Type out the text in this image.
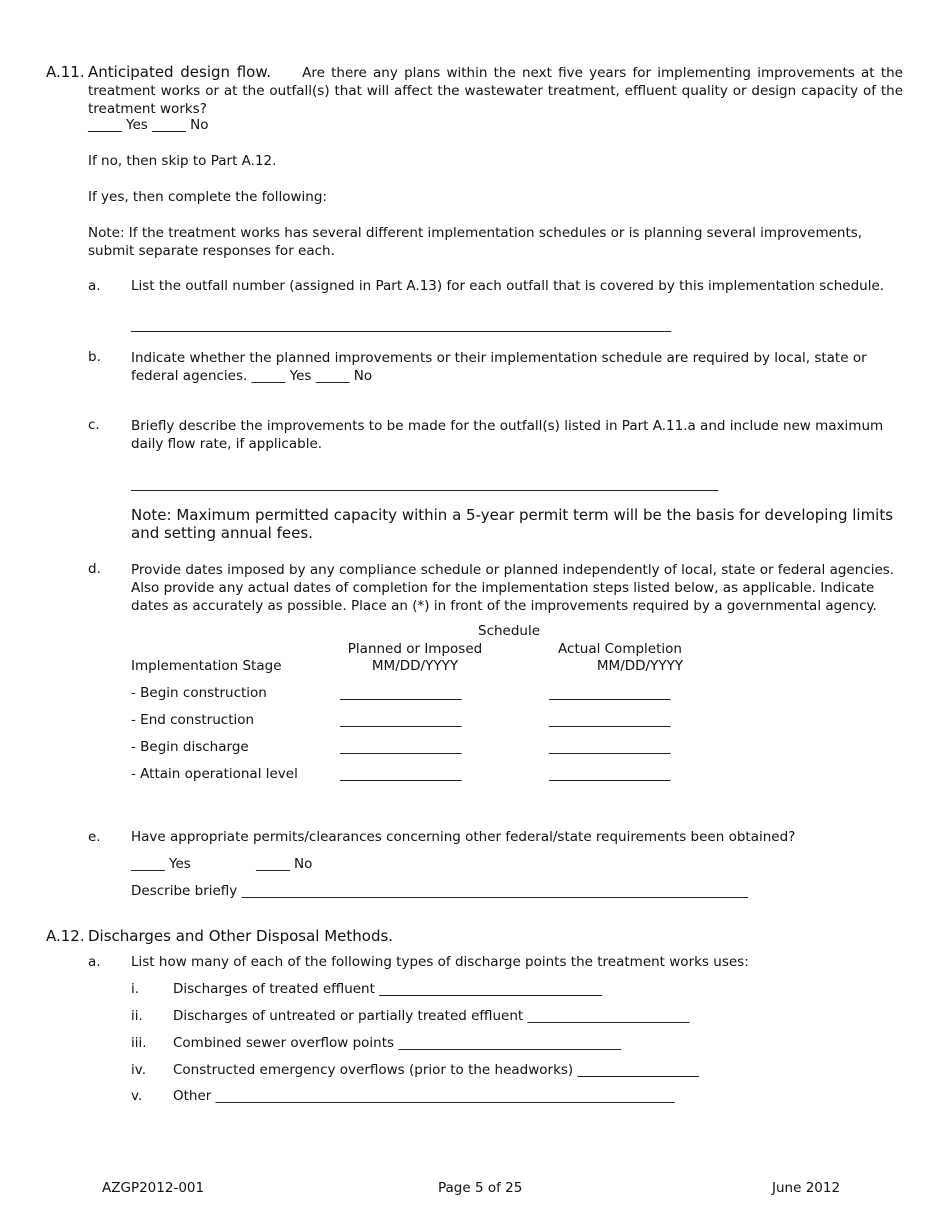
A.11. Anticipated design flow. Are there any plans within the next five years for implementing improvements at the treatment works or at the outfall(s) that will affect the wastewater treatment, effluent quality or design capacity of the treatment works?
_____ Yes _____ No
If no, then skip to Part A.12.
If yes, then complete the following:
Note: If the treatment works has several different implementation schedules or is planning several improvements, submit separate responses for each.
a. List the outfall number (assigned in Part A.13) for each outfall that is covered by this implementation schedule.
________________________________________________________________________________
b. Indicate whether the planned improvements or their implementation schedule are required by local, state or federal agencies. _____ Yes _____ No
c. Briefly describe the improvements to be made for the outfall(s) listed in Part A.11.a and include new maximum daily flow rate, if applicable.
_______________________________________________________________________________________
Note: Maximum permitted capacity within a 5-year permit term will be the basis for developing limits and setting annual fees.
d. Provide dates imposed by any compliance schedule or planned independently of local, state or federal agencies. Also provide any actual dates of completion for the implementation steps listed below, as applicable. Indicate dates as accurately as possible. Place an (*) in front of the improvements required by a governmental agency.
Schedule
Planned or Imposed	Actual Completion
Implementation Stage	MM/DD/YYYY	MM/DD/YYYY
- Begin construction	__________________	__________________
- End construction	__________________	__________________
- Begin discharge	__________________	__________________
- Attain operational level	__________________	__________________
e. Have appropriate permits/clearances concerning other federal/state requirements been obtained?
_____ Yes	_____ No
Describe briefly ___________________________________________________________________________
A.12. Discharges and Other Disposal Methods.
a. List how many of each of the following types of discharge points the treatment works uses:
i.	Discharges of treated effluent _________________________________
ii. Discharges of untreated or partially treated effluent ________________________
iii. Combined sewer overflow points _________________________________
iv. Constructed emergency overflows (prior to the headworks) __________________
v. Other ____________________________________________________________________
AZGP2012-001	Page 5 of 25	June 2012
